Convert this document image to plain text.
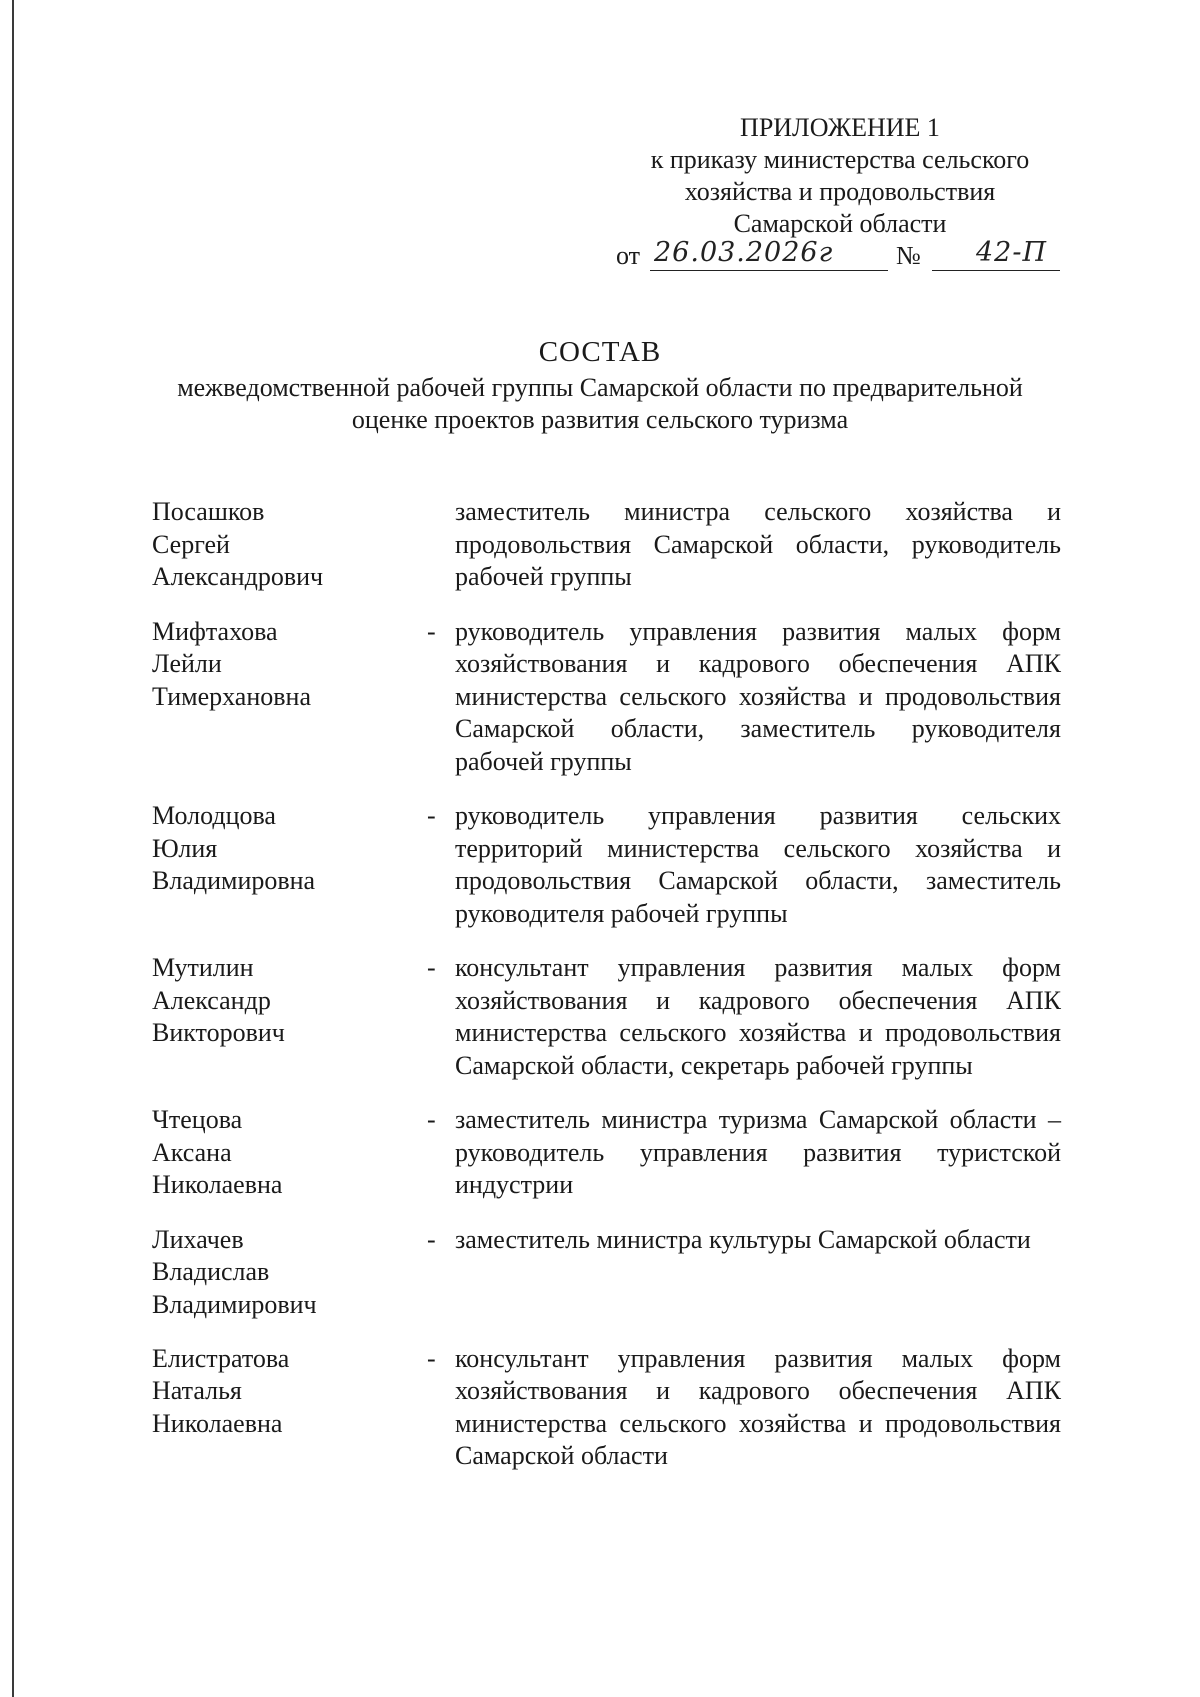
ПРИЛОЖЕНИЕ 1
к приказу министерства сельского
хозяйства и продовольствия
Самарской области
от 26.03.2026г № 42-П
СОСТАВ
межведомственной рабочей группы Самарской области по предварительной оценке проектов развития сельского туризма
Посашков
Сергей
Александрович
заместитель министра сельского хозяйства и продовольствия Самарской области, руководитель рабочей группы
Мифтахова
Лейли
Тимерхановна
- руководитель управления развития малых форм хозяйствования и кадрового обеспечения АПК министерства сельского хозяйства и продовольствия Самарской области, заместитель руководителя рабочей группы
Молодцова
Юлия
Владимировна
- руководитель управления развития сельских территорий министерства сельского хозяйства и продовольствия Самарской области, заместитель руководителя рабочей группы
Мутилин
Александр
Викторович
- консультант управления развития малых форм хозяйствования и кадрового обеспечения АПК министерства сельского хозяйства и продовольствия Самарской области, секретарь рабочей группы
Чтецова
Аксана
Николаевна
- заместитель министра туризма Самарской области – руководитель управления развития туристской индустрии
Лихачев
Владислав
Владимирович
- заместитель министра культуры Самарской области
Елистратова
Наталья
Николаевна
- консультант управления развития малых форм хозяйствования и кадрового обеспечения АПК министерства сельского хозяйства и продовольствия Самарской области
